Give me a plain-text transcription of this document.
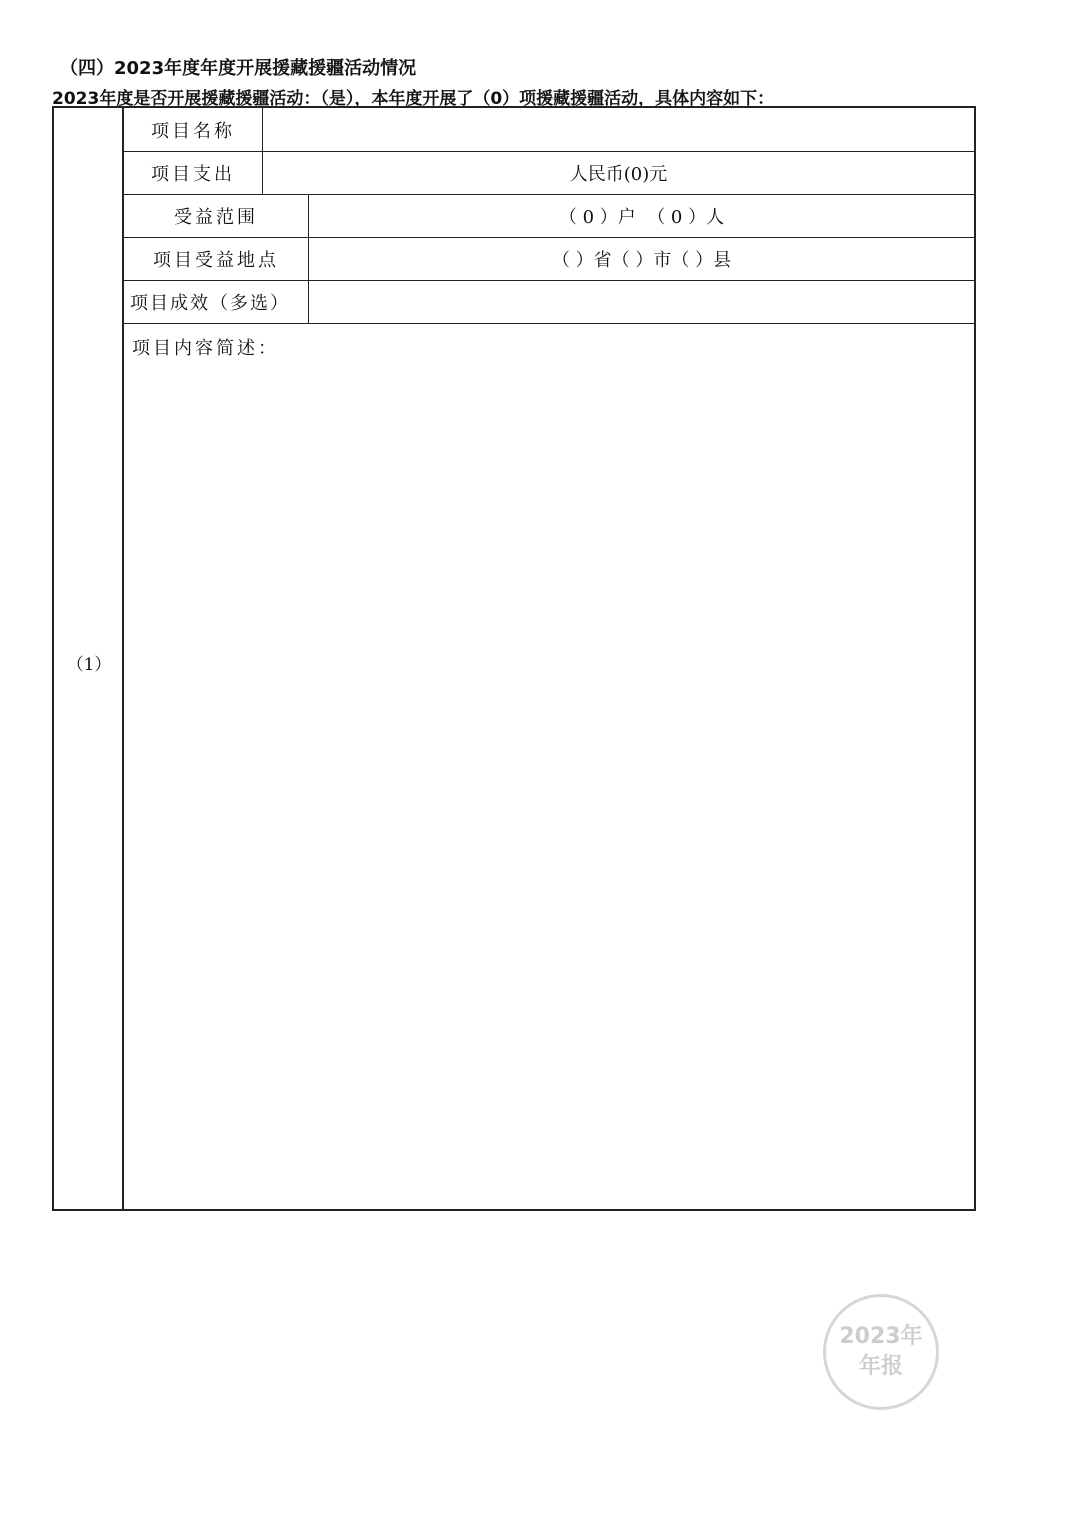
（四）2023年度年度开展援藏援疆活动情况
2023年度是否开展援藏援疆活动：（是），本年度开展了（0）项援藏援疆活动，具体内容如下：
（1）
项目名称
项目支出	人民币(0)元
受益范围	（ 0 ）户  （ 0 ）人
项目受益地点	（ ）省（ ）市（ ）县
项目成效（多选）
项目内容简述：
2023年
年报
